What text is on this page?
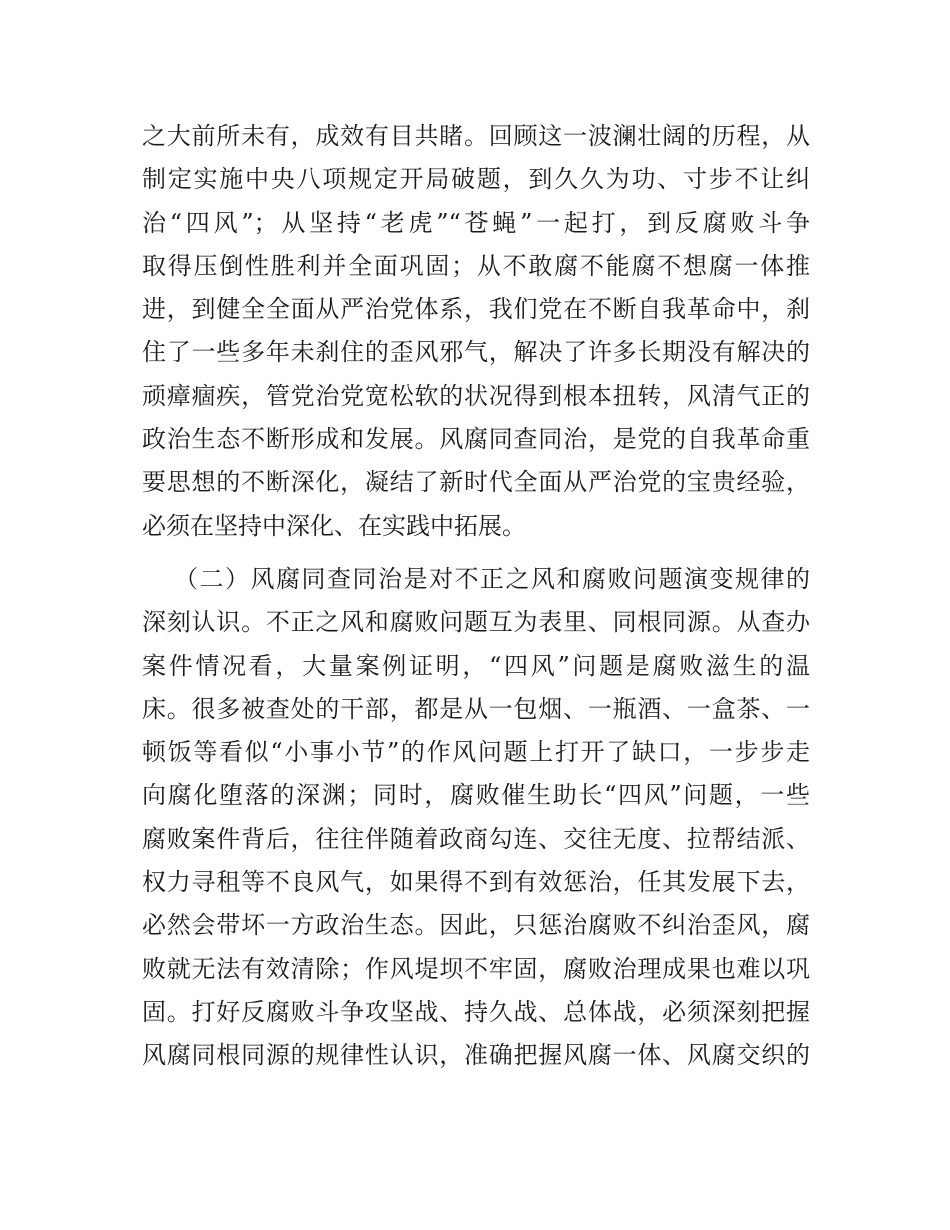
之大前所未有，成效有目共睹。回顾这一波澜壮阔的历程，从
制定实施中央八项规定开局破题，到久久为功、寸步不让纠
治“四风”；从坚持“老虎”“苍蝇”一起打，到反腐败斗争
取得压倒性胜利并全面巩固；从不敢腐不能腐不想腐一体推
进，到健全全面从严治党体系，我们党在不断自我革命中，刹
住了一些多年未刹住的歪风邪气，解决了许多长期没有解决的
顽瘴痼疾，管党治党宽松软的状况得到根本扭转，风清气正的
政治生态不断形成和发展。风腐同查同治，是党的自我革命重
要思想的不断深化，凝结了新时代全面从严治党的宝贵经验，
必须在坚持中深化、在实践中拓展。
（二）风腐同查同治是对不正之风和腐败问题演变规律的
深刻认识。不正之风和腐败问题互为表里、同根同源。从查办
案件情况看，大量案例证明，“四风”问题是腐败滋生的温
床。很多被查处的干部，都是从一包烟、一瓶酒、一盒茶、一
顿饭等看似“小事小节”的作风问题上打开了缺口，一步步走
向腐化堕落的深渊；同时，腐败催生助长“四风”问题，一些
腐败案件背后，往往伴随着政商勾连、交往无度、拉帮结派、
权力寻租等不良风气，如果得不到有效惩治，任其发展下去，
必然会带坏一方政治生态。因此，只惩治腐败不纠治歪风，腐
败就无法有效清除；作风堤坝不牢固，腐败治理成果也难以巩
固。打好反腐败斗争攻坚战、持久战、总体战，必须深刻把握
风腐同根同源的规律性认识，准确把握风腐一体、风腐交织的
